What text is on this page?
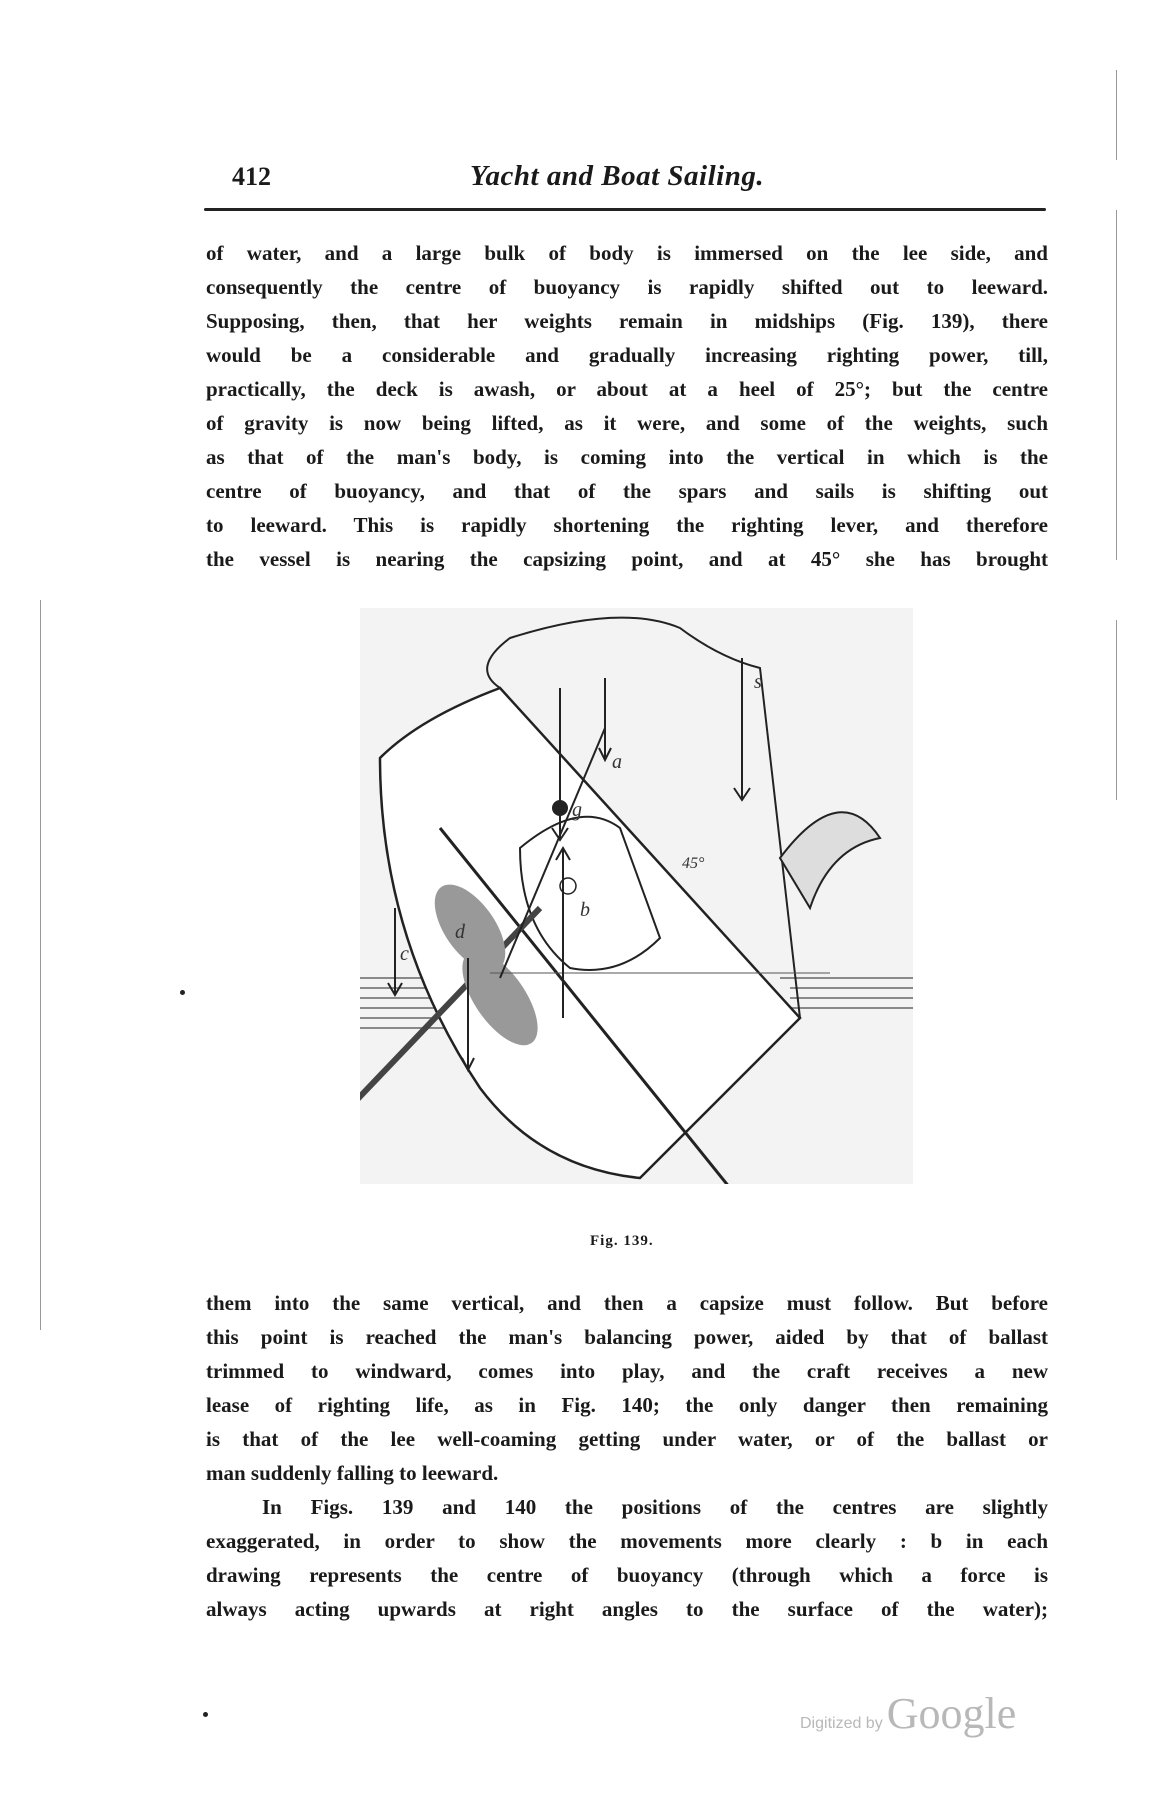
412	Yacht and Boat Sailing.
of water, and a large bulk of body is immersed on the lee side, and
consequently the centre of buoyancy is rapidly shifted out to leeward.
Supposing, then, that her weights remain in midships (Fig. 139), there
would be a considerable and gradually increasing righting power, till,
practically, the deck is awash, or about at a heel of 25°; but the centre
of gravity is now being lifted, as it were, and some of the weights, such
as that of the man's body, is coming into the vertical in which is the
centre of buoyancy, and that of the spars and sails is shifting out
to leeward. This is rapidly shortening the righting lever, and therefore
the vessel is nearing the capsizing point, and at 45° she has brought
s
a
g
45°
b
d
c
Fig. 139.
them into the same vertical, and then a capsize must follow. But before
this point is reached the man's balancing power, aided by that of ballast
trimmed to windward, comes into play, and the craft receives a new
lease of righting life, as in Fig. 140; the only danger then remaining
is that of the lee well-coaming getting under water, or of the ballast or
man suddenly falling to leeward.
In Figs. 139 and 140 the positions of the centres are slightly
exaggerated, in order to show the movements more clearly : b in each
drawing represents the centre of buoyancy (through which a force is
always acting upwards at right angles to the surface of the water);
Digitized by Google
